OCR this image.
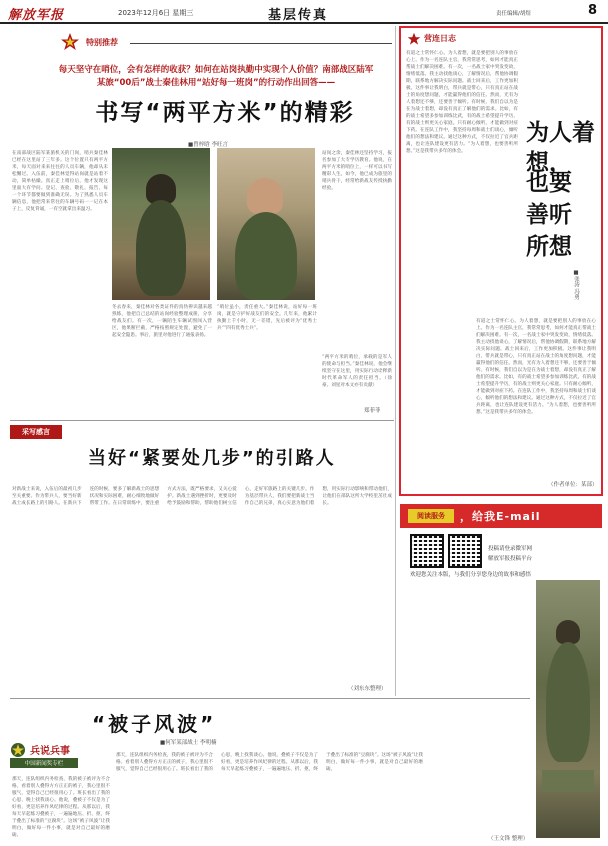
解放军报	2023年12月6日 星期三	基层传真	责任编辑/胡煜	8
特别推荐
每天坚守在哨位，会有怎样的收获？如何在站岗执勤中实现个人价值？南部战区陆军
某旅“00后”战士秦佳林用“站好每一班岗”的行动作出回答——
书写“两平方米”的精彩
■曾梓晗 李旺言
在南部战区陆军某旅机关的门岗，哨兵秦佳林已经在这里站了三年多。这个位置只有两平方米，每天面对来来往往的人员车辆，他却从未松懈过。入伍前，秦佳林觉得站岗就是站着不动，简单枯燥。真正走上哨位后，他才发现这里面大有学问。登记、查验、敬礼、报告，每一个环节都要做到准确无误。为了熟悉人员车辆信息，他把常来常往的车辆号码一一记在本子上，反复背诵，一有空就拿出来温习。
冬去春来，秦佳林对各类证件的真伪辨识越来越熟练，他把自己总结的站岗经验整理成册，分享给战友们。有一次，一辆陌生车辆试图闯入营区，他果断拦截，严格按照规定处置，避免了一起安全隐患。事后，旅里对他进行了通报表扬。
“哨位虽小，责任重大。”秦佳林说，站好每一班岗，就是守护好战友们的安全。几年来，他累计执勤上千小时，无一差错，先后被评为“优秀士兵”“四有优秀士兵”。
站岗之余，秦佳林还坚持学习，报名参加了大专学历教育。他说，在两平方米的哨位上，一样可以书写精彩人生。如今，他已成为旅里的哨兵骨干，经常给新战友传授执勤经验。
“两平方米的哨位，承载的是军人的使命与担当。”秦佳林说，他会继续坚守在这里，用实际行动诠释新时代革命军人的责任担当。（徐豪、刘星对本文亦有贡献）
郑菲菲
采写感言
当好“紧要处几步”的引路人
对新战士来说，入伍后的最初几步至关重要。作为带兵人，要当好新战士成长路上的引路人。在新兵下连的时候，要多了解新战士的思想状况和实际困难，耐心细致地做好帮带工作。在日常训练中，要注重方式方法，既严格要求，又关心爱护。新战士遇到挫折时，更要及时给予鼓励和帮助，帮助他们树立信心，走好军旅路上的关键几步。作为基层带兵人，我们要把新战士当作自己的兄弟，真心实意为他们着想，用实际行动影响和带动他们，让他们在部队这所大学校里茁壮成长。
（刘东东整理）
“被子风波”
■何军某部战士 李明楠
兵说兵事
中国新闻奖专栏
那天，连队组织内务检查，我的被子被评为不合格。看着别人叠得方方正正的被子，我心里很不服气，觉得自己已经很用心了。班长看出了我的心思，晚上找我谈心。他说，叠被子不仅是为了好看，更是培养作风纪律的过程。从那以后，我每天早起练习叠被子，一遍遍地压、折、抠，终于叠出了标准的“豆腐块”。这场“被子风波”让我明白，做好每一件小事，就是对自己最好的磨砺。
那天，连队组织内务检查，我的被子被评为不合格。看着别人叠得方方正正的被子，我心里很不服气，觉得自己已经很用心了。班长看出了我的心思，晚上找我谈心。他说，叠被子不仅是为了好看，更是培养作风纪律的过程。从那以后，我每天早起练习叠被子，一遍遍地压、折、抠，终于叠出了标准的“豆腐块”。这场“被子风波”让我明白，做好每一件小事，就是对自己最好的磨砺。
（王文锋 整理）
营连日志
有道之士常怀仁心。为人着想，就是要把别人的事放在心上。作为一名连队主官，我常常思考，如何才能真正帮战士们解决困难。有一次，一名战士家中突发变故，情绪低落。我主动找他谈心，了解情况后，帮他协调假期，联系地方解决实际问题。战士回来后，工作更加积极。这件事让我明白，带兵就是带心，只有真正站在战士的角度想问题，才能赢得他们的信任。然而，光有为人着想还不够，还要善于倾听。有时候，我们自以为是在为战士着想，却没有真正了解他们的需求。比如，有的战士希望多参加训练比武，有的战士希望提升学历，有的战士则更关心家庭。只有耐心倾听，才能做到对症下药。在连队工作中，我坚持每周和战士们谈心，倾听他们的想法和建议。通过这种方式，不仅拉近了官兵距离，也让连队建设更有活力。“为人着想，也要善听所想。”这是我带兵多年的体会。
有道之士常怀仁心。为人着想，就是要把别人的事放在心上。作为一名连队主官，我常常思考，如何才能真正帮战士们解决困难。有一次，一名战士家中突发变故，情绪低落。我主动找他谈心，了解情况后，帮他协调假期，联系地方解决实际问题。战士回来后，工作更加积极。这件事让我明白，带兵就是带心，只有真正站在战士的角度想问题，才能赢得他们的信任。然而，光有为人着想还不够，还要善于倾听。有时候，我们自以为是在为战士着想，却没有真正了解他们的需求。比如，有的战士希望多参加训练比武，有的战士希望提升学历，有的战士则更关心家庭。只有耐心倾听，才能做到对症下药。在连队工作中，我坚持每周和战士们谈心，倾听他们的想法和建议。通过这种方式，不仅拉近了官兵距离，也让连队建设更有活力。“为人着想，也要善听所想。”这是我带兵多年的体会。
（作者单位：某部）
为人着想，
也要
善听
所想
■张涛 冯勇
阅读服务	，给我E-mail
投稿请登录微军网
解放军报投稿平台
欢迎您关注本版，与我们分享您身边的故事和感悟
